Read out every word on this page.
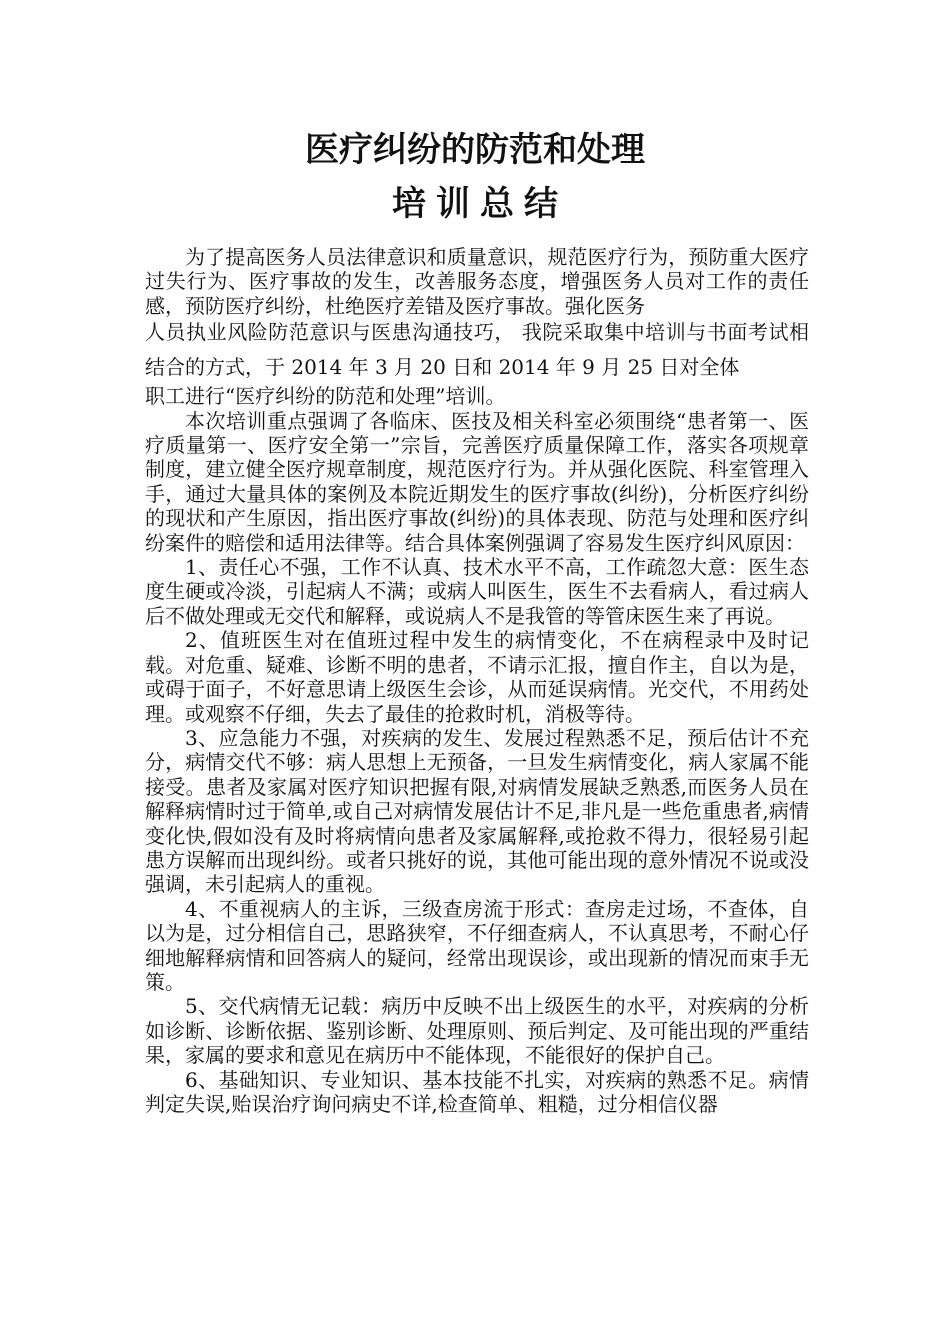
医疗纠纷的防范和处理
培训总结

为了提高医务人员法律意识和质量意识，规范医疗行为，预防重大医疗过失行为、医疗事故的发生，改善服务态度，增强医务人员对工作的责任感，预防医疗纠纷，杜绝医疗差错及医疗事故。强化医务

人员执业风险防范意识与医患沟通技巧， 我院采取集中培训与书面考试相结合的方式，于 2014 年 3 月 20 日和 2014 年 9 月 25 日对全体

职工进行“医疗纠纷的防范和处理”培训。

本次培训重点强调了各临床、医技及相关科室必须围绕“患者第一、医疗质量第一、医疗安全第一”宗旨，完善医疗质量保障工作，落实各项规章制度，建立健全医疗规章制度，规范医疗行为。并从强化医院、科室管理入手，通过大量具体的案例及本院近期发生的医疗事故(纠纷)，分析医疗纠纷的现状和产生原因，指出医疗事故(纠纷)的具体表现、防范与处理和医疗纠纷案件的赔偿和适用法律等。结合具体案例强调了容易发生医疗纠风原因：

1、责任心不强，工作不认真、技术水平不高，工作疏忽大意：医生态度生硬或冷淡，引起病人不满；或病人叫医生，医生不去看病人，看过病人后不做处理或无交代和解释，或说病人不是我管的等管床医生来了再说。

2、值班医生对在值班过程中发生的病情变化，不在病程录中及时记载。对危重、疑难、诊断不明的患者，不请示汇报，擅自作主，自以为是，或碍于面子，不好意思请上级医生会诊，从而延误病情。光交代，不用药处理。或观察不仔细，失去了最佳的抢救时机，消极等待。

3、应急能力不强，对疾病的发生、发展过程熟悉不足，预后估计不充分，病情交代不够：病人思想上无预备，一旦发生病情变化，病人家属不能接受。患者及家属对医疗知识把握有限,对病情发展缺乏熟悉,而医务人员在解释病情时过于简单,或自己对病情发展估计不足,非凡是一些危重患者,病情变化快,假如没有及时将病情向患者及家属解释,或抢救不得力，很轻易引起患方误解而出现纠纷。或者只挑好的说，其他可能出现的意外情况不说或没强调，未引起病人的重视。

4、不重视病人的主诉，三级查房流于形式：查房走过场，不查体，自以为是，过分相信自己，思路狭窄，不仔细查病人，不认真思考，不耐心仔细地解释病情和回答病人的疑问，经常出现误诊，或出现新的情况而束手无策。

5、交代病情无记载：病历中反映不出上级医生的水平，对疾病的分析如诊断、诊断依据、鉴别诊断、处理原则、预后判定、及可能出现的严重结果，家属的要求和意见在病历中不能体现，不能很好的保护自己。

6、基础知识、专业知识、基本技能不扎实，对疾病的熟悉不足。病情判定失误,贻误治疗询问病史不详,检查简单、粗糙，过分相信仪器
